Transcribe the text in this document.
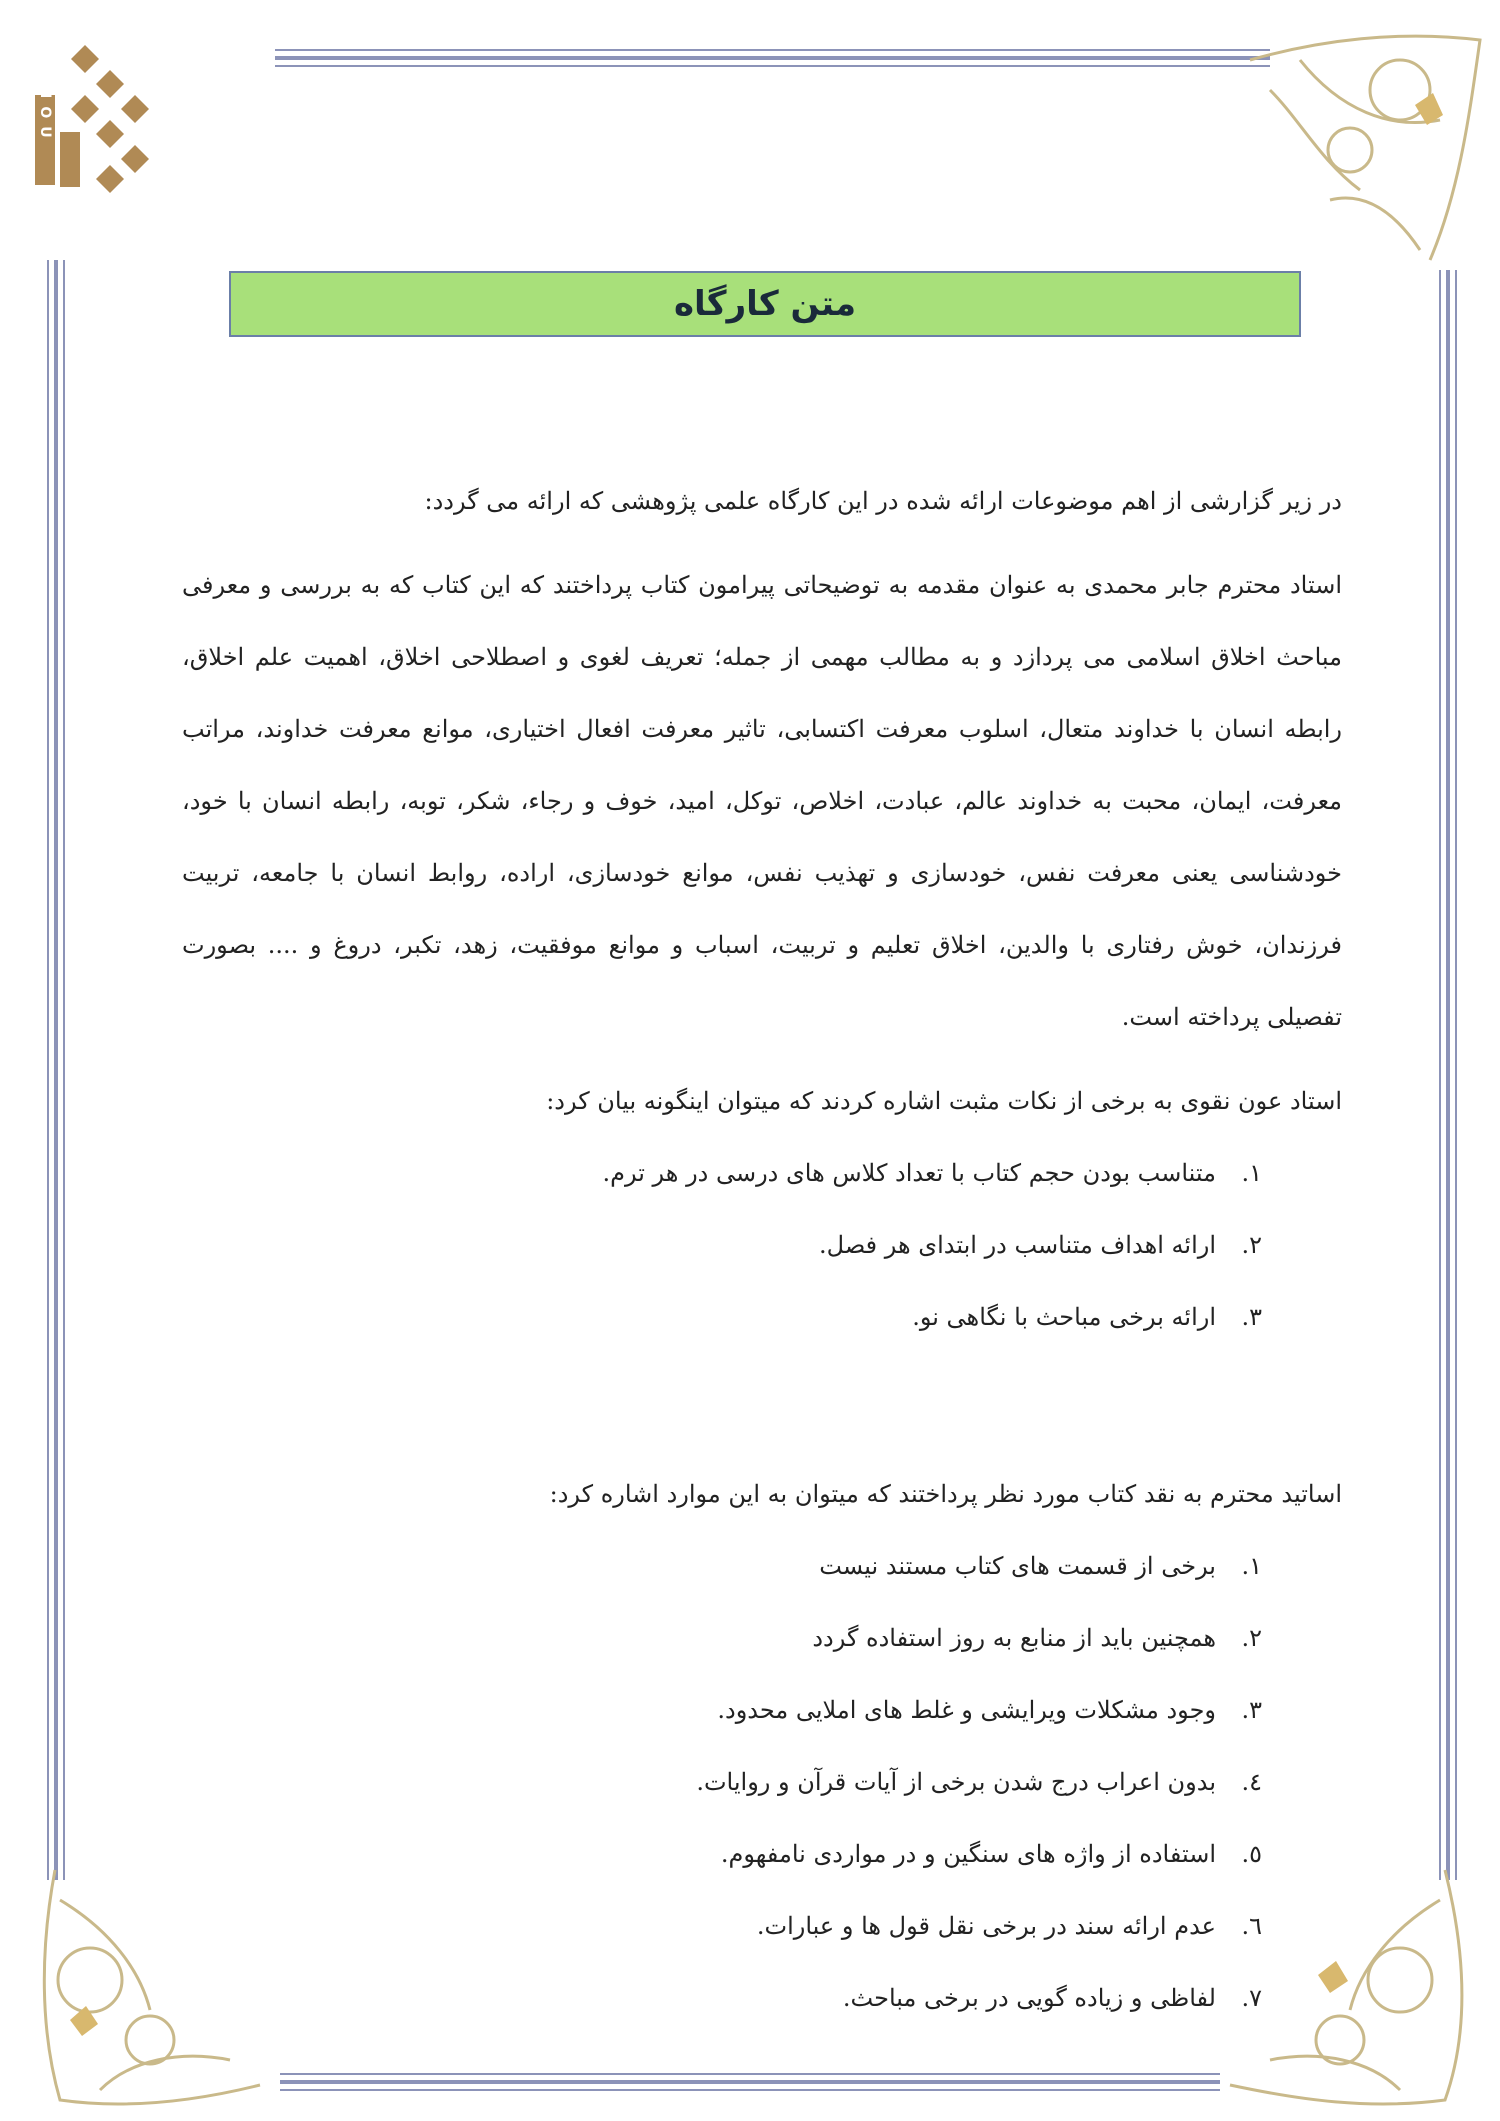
MOU
متن کارگاه

در زیر گزارشی از اهم موضوعات ارائه شده در این کارگاه علمی پژوهشی که ارائه می گردد:

استاد محترم جابر محمدی به عنوان مقدمه به توضیحاتی پیرامون کتاب پرداختند که این کتاب که به بررسی و معرفی مباحث اخلاق اسلامی می پردازد و به مطالب مهمی از جمله؛ تعریف لغوی و اصطلاحی اخلاق، اهمیت علم اخلاق، رابطه انسان با خداوند متعال، اسلوب معرفت اکتسابی، تاثیر معرفت افعال اختیاری، موانع معرفت خداوند، مراتب معرفت، ایمان، محبت به خداوند عالم، عبادت، اخلاص، توکل، امید، خوف و رجاء، شکر، توبه، رابطه انسان با خود، خودشناسی یعنی معرفت نفس، خودسازی و تهذیب نفس، موانع خودسازی، اراده، روابط انسان با جامعه، تربیت فرزندان، خوش رفتاری با والدین، اخلاق تعلیم و تربیت، اسباب و موانع موفقیت، زهد، تکبر، دروغ و .... بصورت تفصیلی پرداخته است.

استاد عون نقوی به برخی از نکات مثبت اشاره کردند که میتوان اینگونه بیان کرد:

۱.متناسب بودن حجم کتاب با تعداد کلاس های درسی در هر ترم.
۲.ارائه اهداف متناسب در ابتدای هر فصل.
۳.ارائه برخی مباحث با نگاهی نو.

اساتید محترم به نقد کتاب مورد نظر پرداختند که میتوان به این موارد اشاره کرد:

۱.برخی از قسمت های کتاب مستند نیست
۲.همچنین باید از منابع به روز استفاده گردد
۳.وجود مشکلات ویرایشی و غلط های املایی محدود.
٤.بدون اعراب درج شدن برخی از آیات قرآن و روایات.
٥.استفاده از واژه های سنگین و در مواردی نامفهوم.
٦.عدم ارائه سند در برخی نقل قول ها و عبارات.
٧.لفاظی و زیاده گویی در برخی مباحث.
